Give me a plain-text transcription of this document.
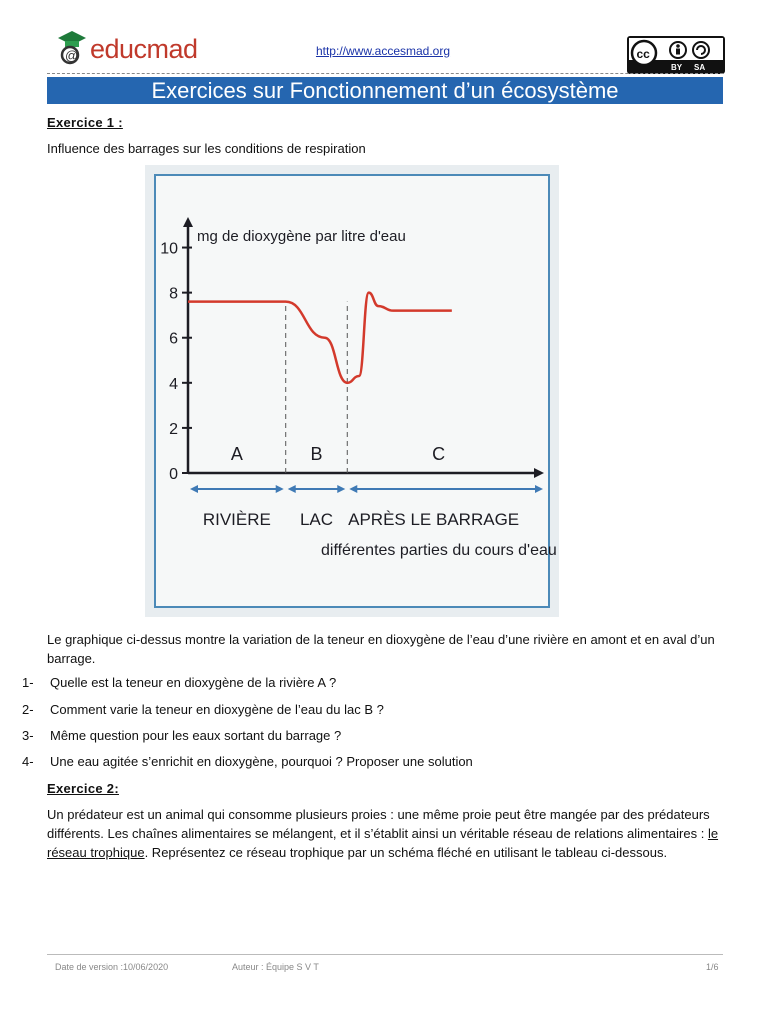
@ educmad	http://www.accesmad.org	cc
BY SA
Exercices sur Fonctionnement d’un écosystème
Exercice 1 :
Influence des barrages sur les conditions de respiration
mg de dioxygène par litre d'eau
0
2
4
6
8
10
A	B	C
RIVIÈRE LAC APRÈS LE BARRAGE
différentes parties du cours d'eau
Le graphique ci-dessus montre la variation de la teneur en dioxygène de l’eau d’une rivière en amont et en aval d’un barrage.
1- Quelle est la teneur en dioxygène de la rivière A ?
2- Comment varie la teneur en dioxygène de l’eau du lac B ?
3- Même question pour les eaux sortant du barrage ?
4- Une eau agitée s’enrichit en dioxygène, pourquoi ? Proposer une solution
Exercice 2:
Un prédateur est un animal qui consomme plusieurs proies : une même proie peut être mangée par des prédateurs différents. Les chaînes alimentaires se mélangent, et il s’établit ainsi un véritable réseau de relations alimentaires : le réseau trophique. Représentez ce réseau trophique par un schéma fléché en utilisant le tableau ci-dessous.
Date de version :10/06/2020	Auteur : Équipe S V T	1/6
